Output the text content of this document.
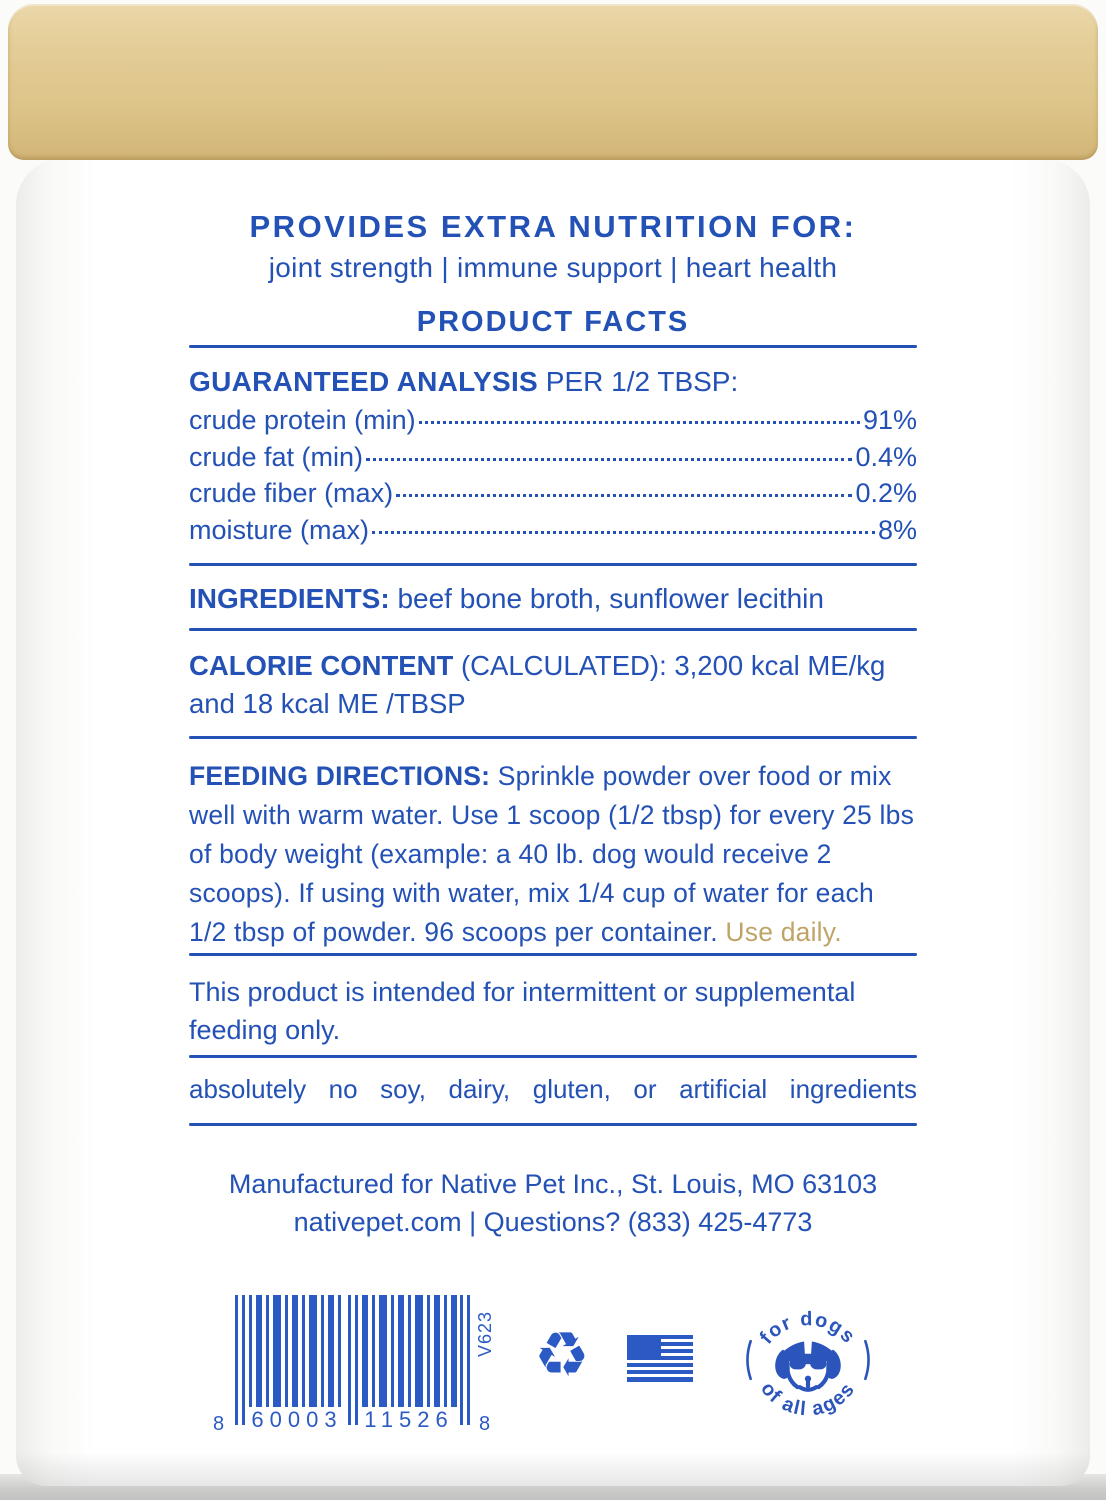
PROVIDES EXTRA NUTRITION FOR:
joint strength | immune support | heart health
PRODUCT FACTS
GUARANTEED ANALYSIS PER 1/2 TBSP:
crude protein (min)	91%
crude fat (min)	0.4%
crude fiber (max)	0.2%
moisture (max)	8%
INGREDIENTS: beef bone broth, sunflower lecithin
CALORIE CONTENT (CALCULATED): 3,200 kcal ME/kg and 18 kcal ME /TBSP
FEEDING DIRECTIONS: Sprinkle powder over food or mix well with warm water. Use 1 scoop (1/2 tbsp) for every 25 lbs of body weight (example: a 40 lb. dog would receive 2 scoops). If using with water, mix 1/4 cup of water for each 1/2 tbsp of powder. 96 scoops per container. Use daily.
This product is intended for intermittent or supplemental feeding only.
absolutely no soy, dairy, gluten, or artificial ingredients
Manufactured for Native Pet Inc., St. Louis, MO 63103
nativepet.com | Questions? (833) 425-4773
8 60003 11526 8
V623 ♻	for dogs
of all ages
